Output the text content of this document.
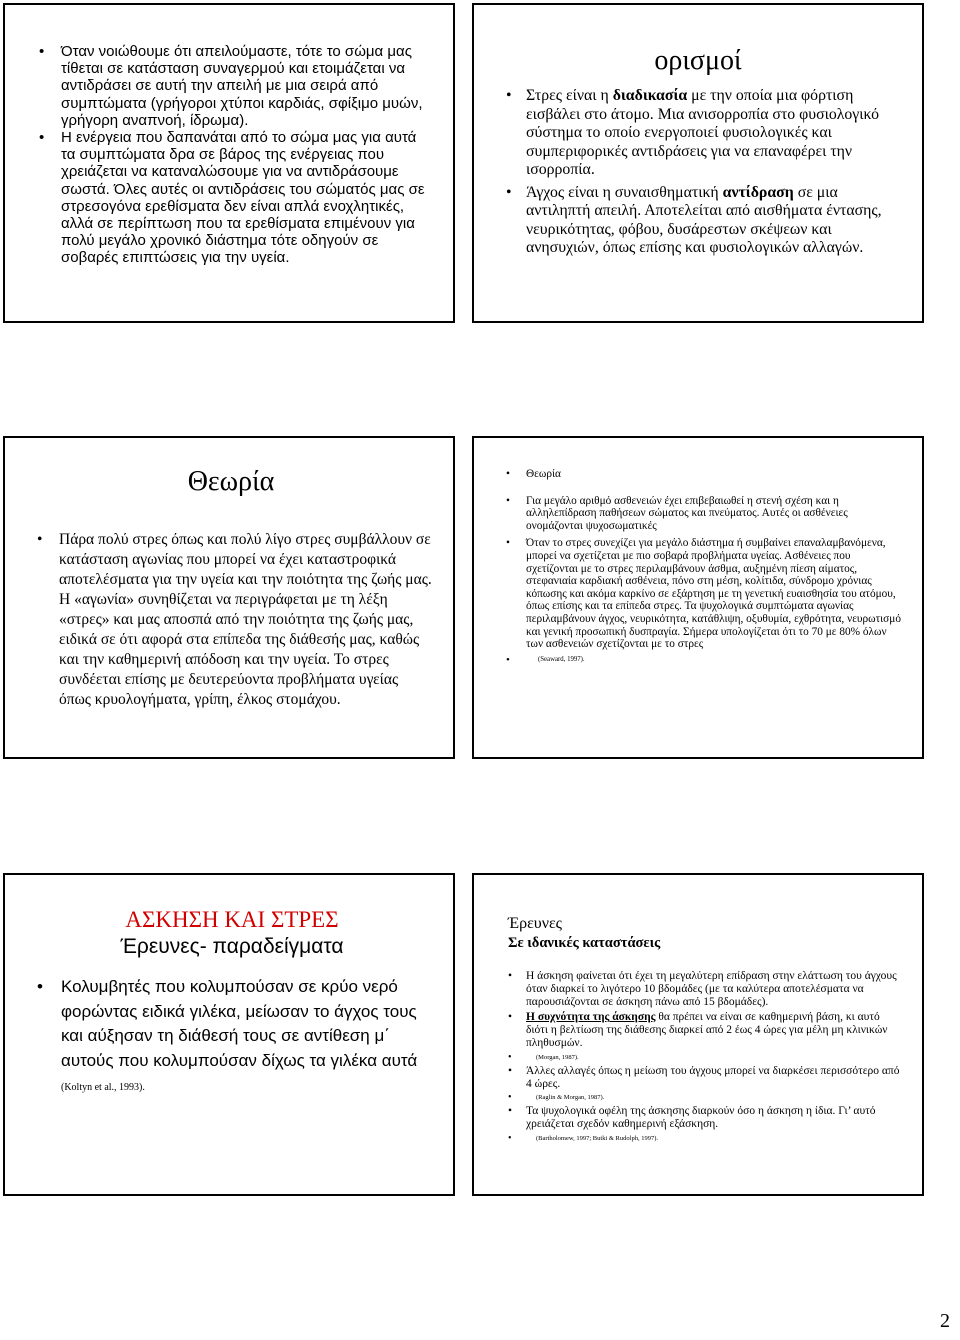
• Όταν νοιώθουμε ότι απειλούμαστε, τότε το σώμα μας τίθεται σε κατάσταση συναγερμού και ετοιμάζεται να αντιδράσει σε αυτή την απειλή με μια σειρά από συμπτώματα (γρήγοροι χτύποι καρδιάς, σφίξιμο μυών, γρήγορη αναπνοή, ίδρωμα).
• Η ενέργεια που δαπανάται από το σώμα μας για αυτά τα συμπτώματα δρα σε βάρος της ενέργειας που χρειάζεται να καταναλώσουμε για να αντιδράσουμε σωστά. Όλες αυτές οι αντιδράσεις του σώματός μας σε στρεσογόνα ερεθίσματα δεν είναι απλά ενοχλητικές, αλλά σε περίπτωση που τα ερεθίσματα επιμένουν για πολύ μεγάλο χρονικό διάστημα τότε οδηγούν σε σοβαρές επιπτώσεις για την υγεία.
ορισμοί
• Στρες είναι η διαδικασία με την οποία μια φόρτιση εισβάλει στο άτομο. Μια ανισορροπία στο φυσιολογικό σύστημα το οποίο ενεργοποιεί φυσιολογικές και συμπεριφορικές αντιδράσεις για να επαναφέρει την ισορροπία.
• Άγχος είναι η συναισθηματική αντίδραση σε μια αντιληπτή απειλή. Αποτελείται από αισθήματα έντασης, νευρικότητας, φόβου, δυσάρεστων σκέψεων και ανησυχιών, όπως επίσης και φυσιολογικών αλλαγών.
Θεωρία
• Πάρα πολύ στρες όπως και πολύ λίγο στρες συμβάλλουν σε κατάσταση αγωνίας που μπορεί να έχει καταστροφικά αποτελέσματα για την υγεία και την ποιότητα της ζωής μας. Η «αγωνία» συνηθίζεται να περιγράφεται με τη λέξη «στρες» και μας αποσπά από την ποιότητα της ζωής μας, ειδικά σε ότι αφορά στα επίπεδα της διάθεσής μας, καθώς και την καθημερινή απόδοση και την υγεία. Το στρες συνδέεται επίσης με δευτερεύοντα προβλήματα υγείας όπως κρυολογήματα, γρίπη, έλκος στομάχου.
• Θεωρία
• Για μεγάλο αριθμό ασθενειών έχει επιβεβαιωθεί η στενή σχέση και η αλληλεπίδραση παθήσεων σώματος και πνεύματος. Αυτές οι ασθένειες ονομάζονται ψυχοσωματικές
• Όταν το στρες συνεχίζει για μεγάλο διάστημα ή συμβαίνει επαναλαμβανόμενα, μπορεί να σχετίζεται με πιο σοβαρά προβλήματα υγείας. Ασθένειες που σχετίζονται με το στρες περιλαμβάνουν άσθμα, αυξημένη πίεση αίματος, στεφανιαία καρδιακή ασθένεια, πόνο στη μέση, κολίτιδα, σύνδρομο χρόνιας κόπωσης και ακόμα καρκίνο σε εξάρτηση με τη γενετική ευαισθησία του ατόμου, όπως επίσης και τα επίπεδα στρες. Τα ψυχολογικά συμπτώματα αγωνίας περιλαμβάνουν άγχος, νευρικότητα, κατάθλιψη, οξυθυμία, εχθρότητα, νευρωτισμό και γενική προσωπική δυσπραγία. Σήμερα υπολογίζεται ότι το 70 με 80% όλων των ασθενειών σχετίζονται με το στρες
• (Seaward, 1997).
ΑΣΚΗΣΗ ΚΑΙ ΣΤΡΕΣ
Έρευνες- παραδείγματα
• Κολυμβητές που κολυμπούσαν σε κρύο νερό φορώντας ειδικά γιλέκα, μείωσαν το άγχος τους και αύξησαν τη διάθεσή τους σε αντίθεση μ΄ αυτούς που κολυμπούσαν δίχως τα γιλέκα αυτά (Koltyn et al., 1993).
Έρευνες
Σε ιδανικές καταστάσεις
• Η άσκηση φαίνεται ότι έχει τη μεγαλύτερη επίδραση στην ελάττωση του άγχους όταν διαρκεί το λιγότερο 10 βδομάδες (με τα καλύτερα αποτελέσματα να παρουσιάζονται σε άσκηση πάνω από 15 βδομάδες).
• Η συχνότητα της άσκησης θα πρέπει να είναι σε καθημερινή βάση, κι αυτό διότι η βελτίωση της διάθεσης διαρκεί από 2 έως 4 ώρες για μέλη μη κλινικών πληθυσμών.
• (Morgan, 1987).
• Άλλες αλλαγές όπως η μείωση του άγχους μπορεί να διαρκέσει περισσότερο από 4 ώρες.
• (Raglin & Morgan, 1987).
• Τα ψυχολογικά οφέλη της άσκησης διαρκούν όσο η άσκηση η ίδια. Γι’ αυτό χρειάζεται σχεδόν καθημερινή εξάσκηση.
• (Bartholomew, 1997; Butki & Rudolph, 1997).
2
